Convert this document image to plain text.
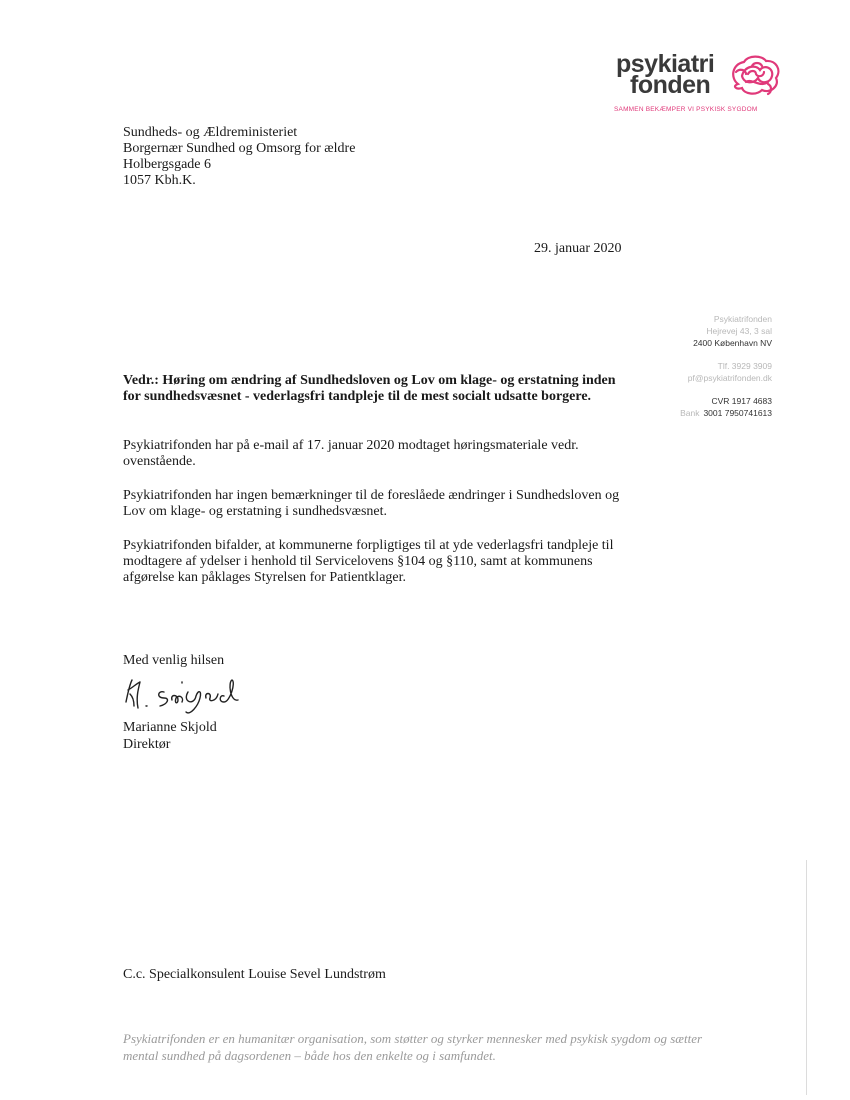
psykiatri
fonden
SAMMEN BEKÆMPER VI PSYKISK SYGDOM
Sundheds- og Ældreministeriet
Borgernær Sundhed og Omsorg for ældre
Holbergsgade 6
1057 Kbh.K.
29. januar 2020
Psykiatrifonden
Hejrevej 43, 3 sal
2400 København NV
Tlf. 3929 3909
pf@psykiatrifonden.dk
CVR 1917 4683
Bank 3001 7950741613
Vedr.: Høring om ændring af Sundhedsloven og Lov om klage- og erstatning inden for sundhedsvæsnet - vederlagsfri tandpleje til de mest socialt udsatte borgere.
Psykiatrifonden har på e-mail af 17. januar 2020 modtaget høringsmateriale vedr. ovenstående.
Psykiatrifonden har ingen bemærkninger til de foreslåede ændringer i Sundhedsloven og Lov om klage- og erstatning i sundhedsvæsnet.
Psykiatrifonden bifalder, at kommunerne forpligtiges til at yde vederlagsfri tandpleje til modtagere af ydelser i henhold til Servicelovens §104 og §110, samt at kommunens afgørelse kan påklages Styrelsen for Patientklager.
Med venlig hilsen
Marianne Skjold
Direktør
C.c. Specialkonsulent Louise Sevel Lundstrøm
Psykiatrifonden er en humanitær organisation, som støtter og styrker mennesker med psykisk sygdom og sætter mental sundhed på dagsordenen – både hos den enkelte og i samfundet.
